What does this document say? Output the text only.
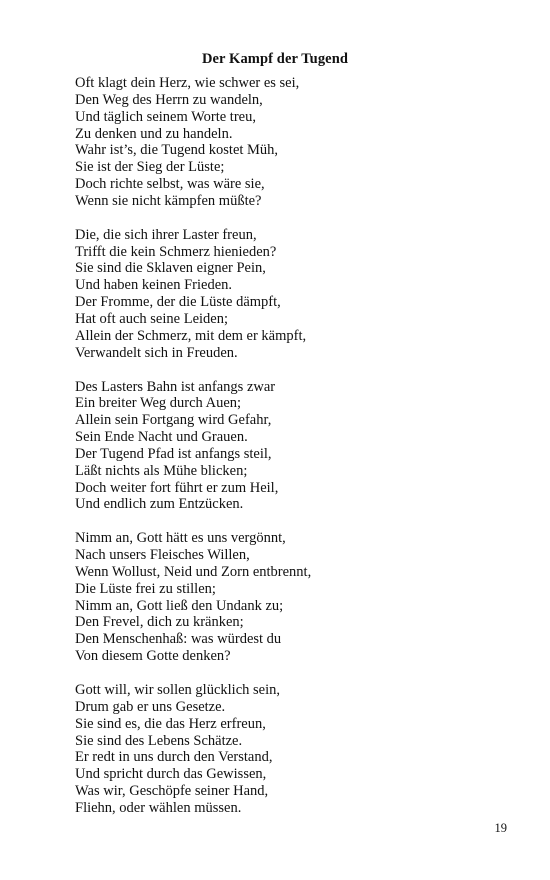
Der Kampf der Tugend
Oft klagt dein Herz, wie schwer es sei,
Den Weg des Herrn zu wandeln,
Und täglich seinem Worte treu,
Zu denken und zu handeln.
Wahr ist’s, die Tugend kostet Müh,
Sie ist der Sieg der Lüste;
Doch richte selbst, was wäre sie,
Wenn sie nicht kämpfen müßte?
Die, die sich ihrer Laster freun,
Trifft die kein Schmerz hienieden?
Sie sind die Sklaven eigner Pein,
Und haben keinen Frieden.
Der Fromme, der die Lüste dämpft,
Hat oft auch seine Leiden;
Allein der Schmerz, mit dem er kämpft,
Verwandelt sich in Freuden.
Des Lasters Bahn ist anfangs zwar
Ein breiter Weg durch Auen;
Allein sein Fortgang wird Gefahr,
Sein Ende Nacht und Grauen.
Der Tugend Pfad ist anfangs steil,
Läßt nichts als Mühe blicken;
Doch weiter fort führt er zum Heil,
Und endlich zum Entzücken.
Nimm an, Gott hätt es uns vergönnt,
Nach unsers Fleisches Willen,
Wenn Wollust, Neid und Zorn entbrennt,
Die Lüste frei zu stillen;
Nimm an, Gott ließ den Undank zu;
Den Frevel, dich zu kränken;
Den Menschenhaß: was würdest du
Von diesem Gotte denken?
Gott will, wir sollen glücklich sein,
Drum gab er uns Gesetze.
Sie sind es, die das Herz erfreun,
Sie sind des Lebens Schätze.
Er redt in uns durch den Verstand,
Und spricht durch das Gewissen,
Was wir, Geschöpfe seiner Hand,
Fliehn, oder wählen müssen.
19
